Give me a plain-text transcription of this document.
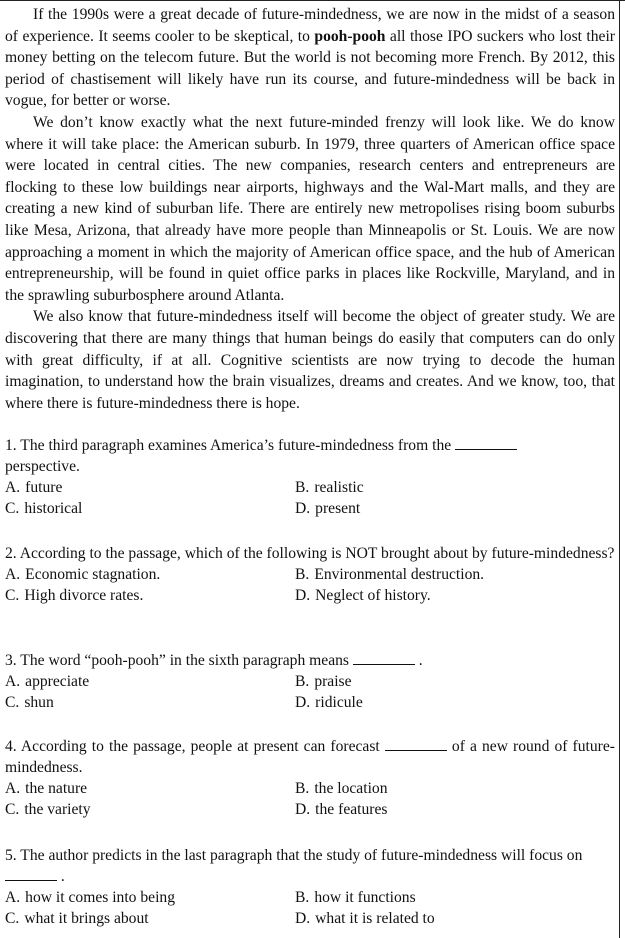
If the 1990s were a great decade of future-mindedness, we are now in the midst of a season of experience. It seems cooler to be skeptical, to pooh-pooh all those IPO suckers who lost their money betting on the telecom future. But the world is not becoming more French. By 2012, this period of chastisement will likely have run its course, and future-mindedness will be back in vogue, for better or worse.

We don’t know exactly what the next future-minded frenzy will look like. We do know where it will take place: the American suburb. In 1979, three quarters of American office space were located in central cities. The new companies, research centers and entrepreneurs are flocking to these low buildings near airports, highways and the Wal-Mart malls, and they are creating a new kind of suburban life. There are entirely new metropolises rising boom suburbs like Mesa, Arizona, that already have more people than Minneapolis or St. Louis. We are now approaching a moment in which the majority of American office space, and the hub of American entrepreneurship, will be found in quiet office parks in places like Rockville, Maryland, and in the sprawling suburbosphere around Atlanta.

We also know that future-mindedness itself will become the object of greater study. We are discovering that there are many things that human beings do easily that computers can do only with great difficulty, if at all. Cognitive scientists are now trying to decode the human imagination, to understand how the brain visualizes, dreams and creates. And we know, too, that where there is future-mindedness there is hope.

1. The third paragraph examines America’s future-mindedness from the
perspective.

A. future	B. realistic
C. historical	D. present

2. According to the passage, which of the following is NOT brought about by future-mindedness?

A. Economic stagnation.	B. Environmental destruction.
C. High divorce rates.	D. Neglect of history.

3. The word “pooh-pooh” in the sixth paragraph means	.

A. appreciate	B. praise
C. shun	D. ridicule

4. According to the passage, people at present can forecast	of a new round of future-mindedness.

A. the nature	B. the location
C. the variety	D. the features

5. The author predicts in the last paragraph that the study of future-mindedness will focus on
.

A. how it comes into being	B. how it functions
C. what it brings about	D. what it is related to
